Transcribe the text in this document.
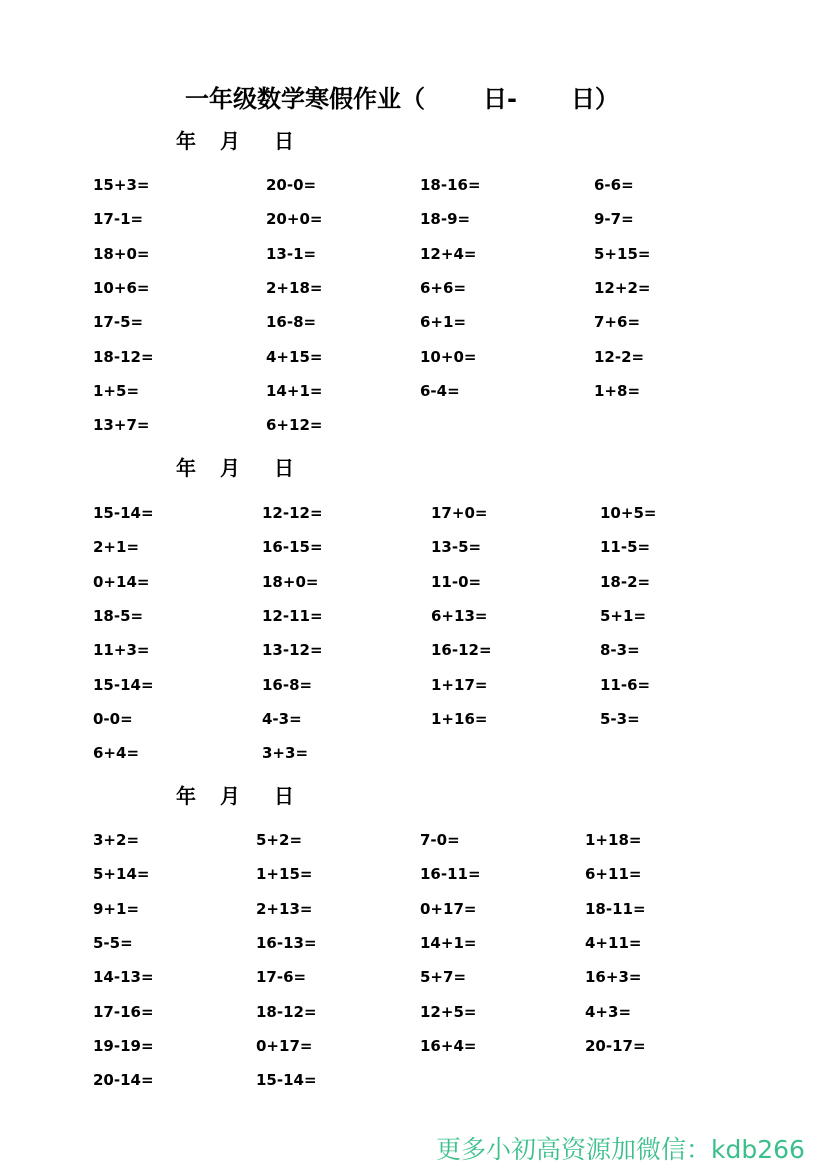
一年级数学寒假作业（ 日- 日）
年 月 日
年 月 日
年 月 日
15+3=
17-1=
18+0=
10+6=
17-5=
18-12=
1+5=
13+7=
20-0=
20+0=
13-1=
2+18=
16-8=
4+15=
14+1=
6+12=
18-16=
18-9=
12+4=
6+6=
6+1=
10+0=
6-4=
6-6=
9-7=
5+15=
12+2=
7+6=
12-2=
1+8=
15-14=
2+1=
0+14=
18-5=
11+3=
15-14=
0-0=
6+4=
12-12=
16-15=
18+0=
12-11=
13-12=
16-8=
4-3=
3+3=
17+0=
13-5=
11-0=
6+13=
16-12=
1+17=
1+16=
10+5=
11-5=
18-2=
5+1=
8-3=
11-6=
5-3=
3+2=
5+14=
9+1=
5-5=
14-13=
17-16=
19-19=
20-14=
5+2=
1+15=
2+13=
16-13=
17-6=
18-12=
0+17=
15-14=
7-0=
16-11=
0+17=
14+1=
5+7=
12+5=
16+4=
1+18=
6+11=
18-11=
4+11=
16+3=
4+3=
20-17=
更多小初高资源加微信：kdb266
